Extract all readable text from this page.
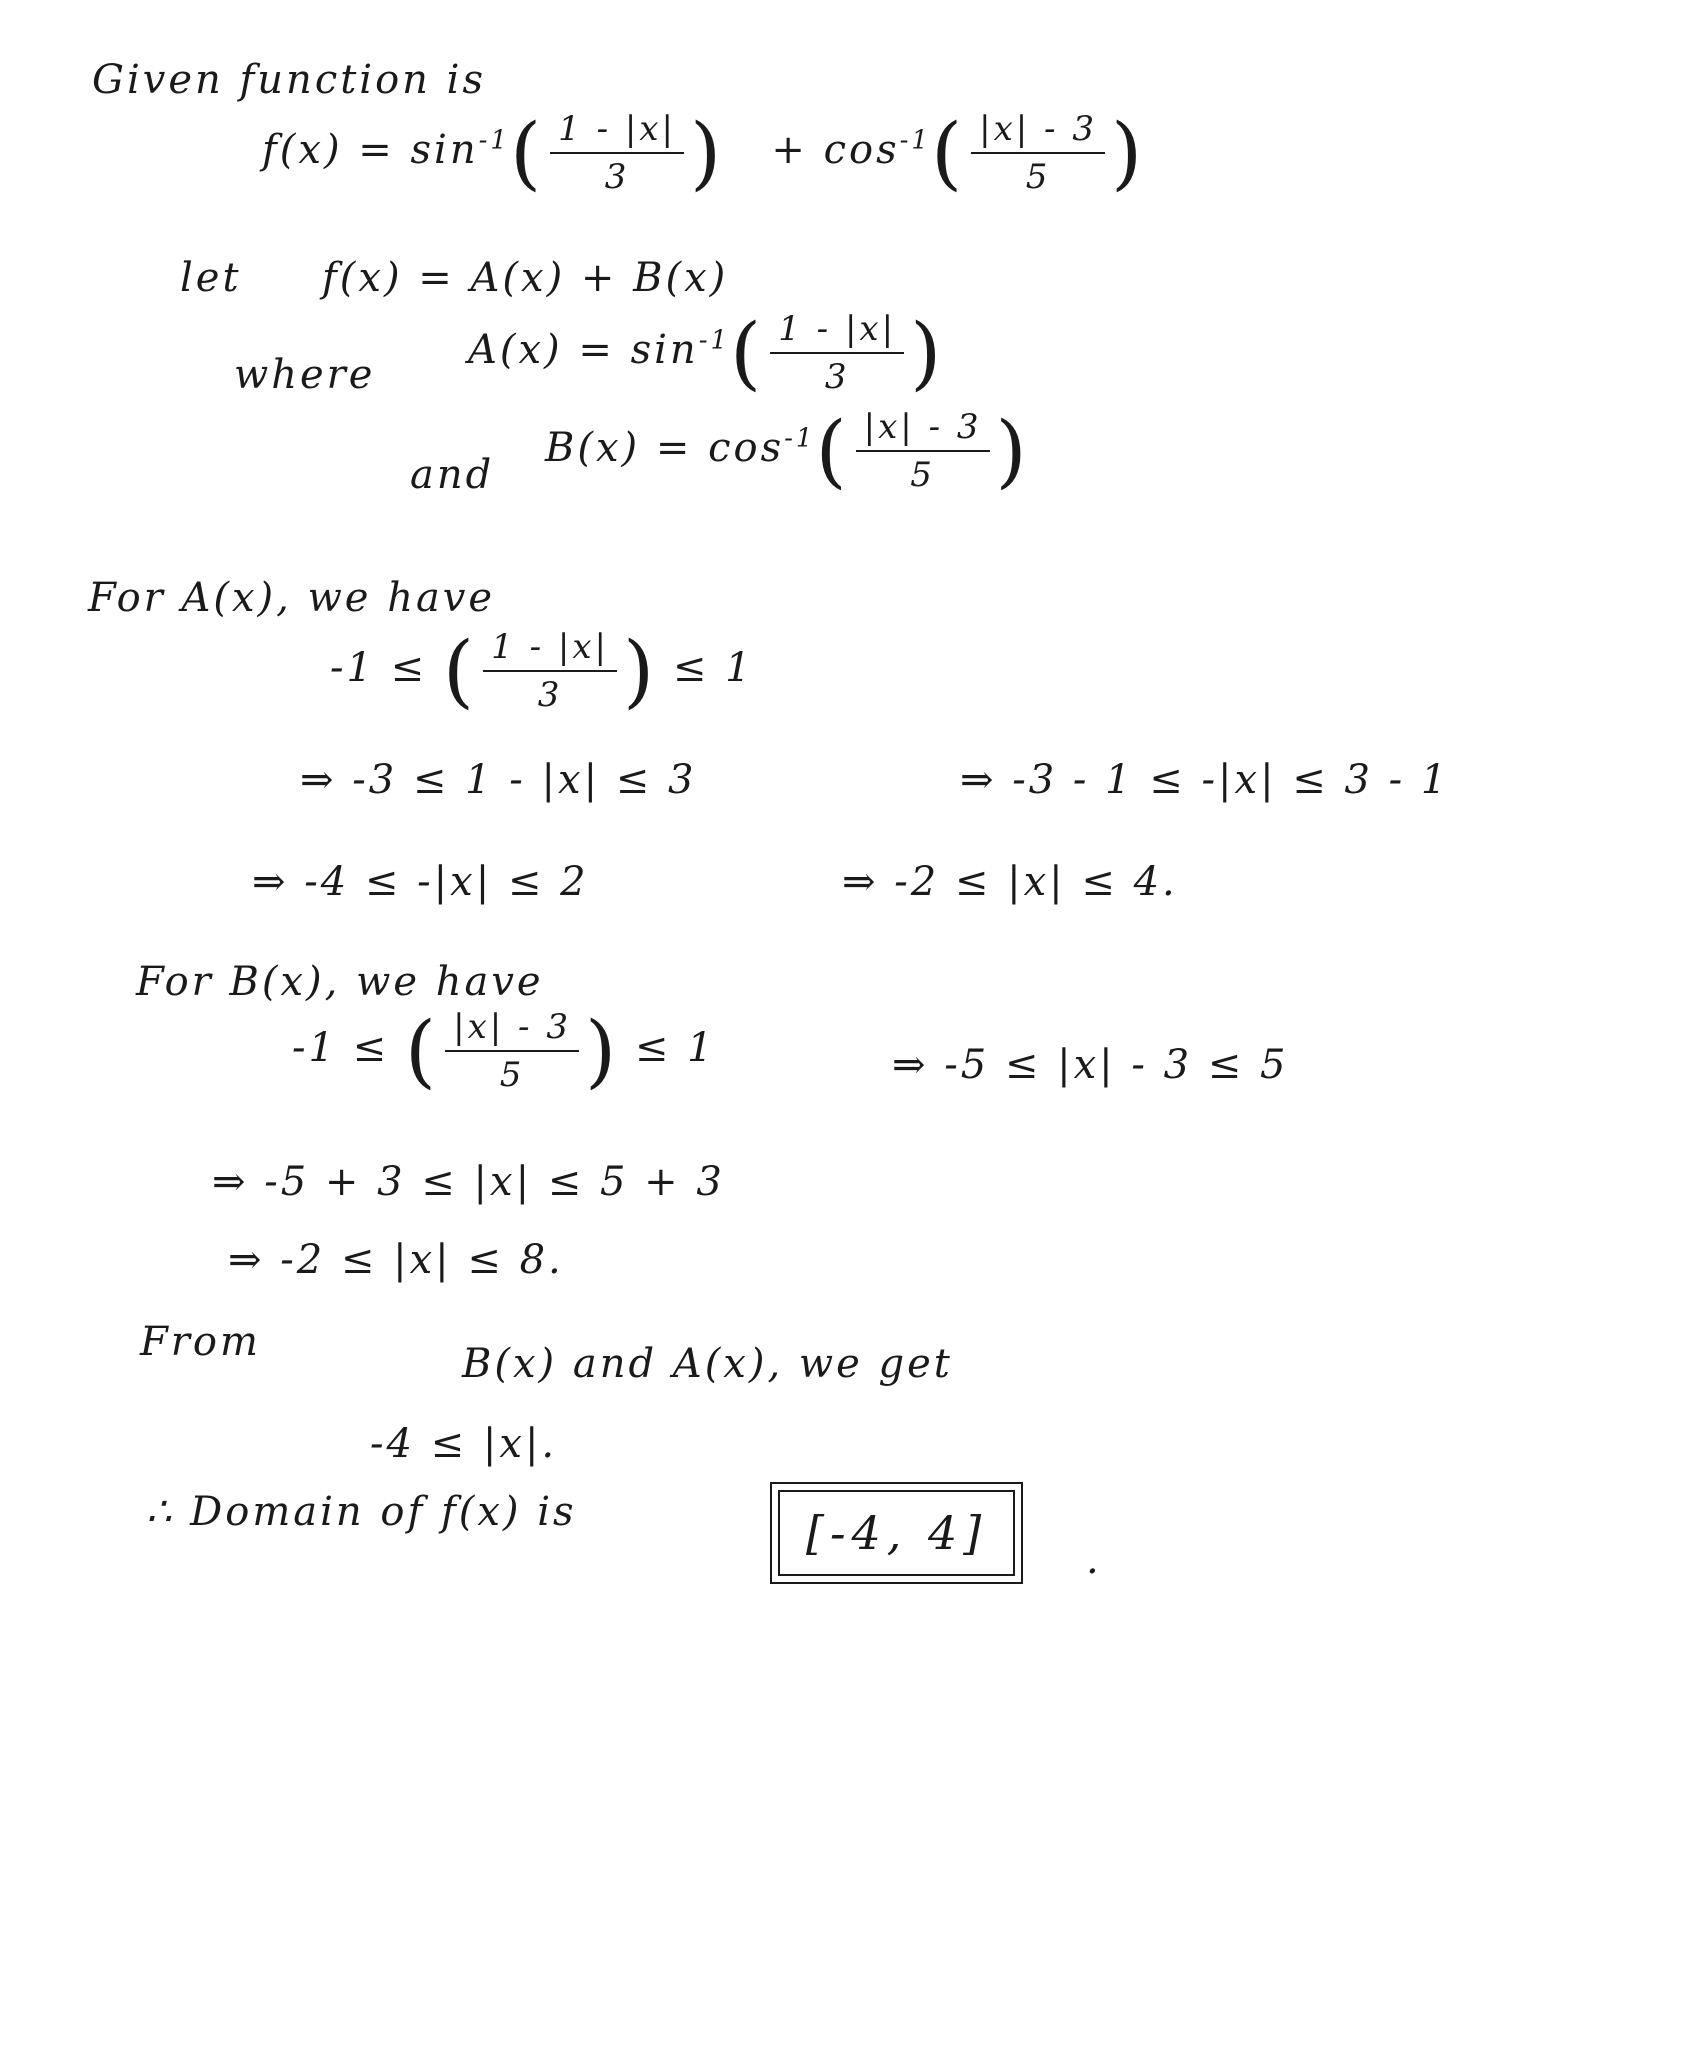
Given function is
$f(x) = \sin^{-1}( \frac{1 - |x|}{3}$ ) + $\cos^{-1}( \frac{|x| - 3}{5}$ )
let f(x) = A(x) + B(x)
where
$A(x) = \sin^{-1}( \frac{1 - |x|}{3}$ )
and
$B(x) = \cos^{-1}( \frac{|x| - 3}{5}$ )
For A(x), we have
-1 ≤ ( $\frac{1 - |x|}{3}$ ) ≤ 1
⇒ -3 ≤ 1 - |x| ≤ 3	⇒ -3 - 1 ≤ -|x| ≤ 3 - 1
⇒ -4 ≤ -|x| ≤ 2	⇒ -2 ≤ |x| ≤ 4.
For B(x), we have
-1 ≤ ( $\frac{|x| - 3}{5}$ ) ≤ 1	⇒ -5 ≤ |x| - 3 ≤ 5
⇒ -5 + 3 ≤ |x| ≤ 5 + 3
⇒ -2 ≤ |x| ≤ 8.
From	B(x) and A(x), we get
-4 ≤ |x|.
∴ Domain of f(x) is	[-4, 4]	.
